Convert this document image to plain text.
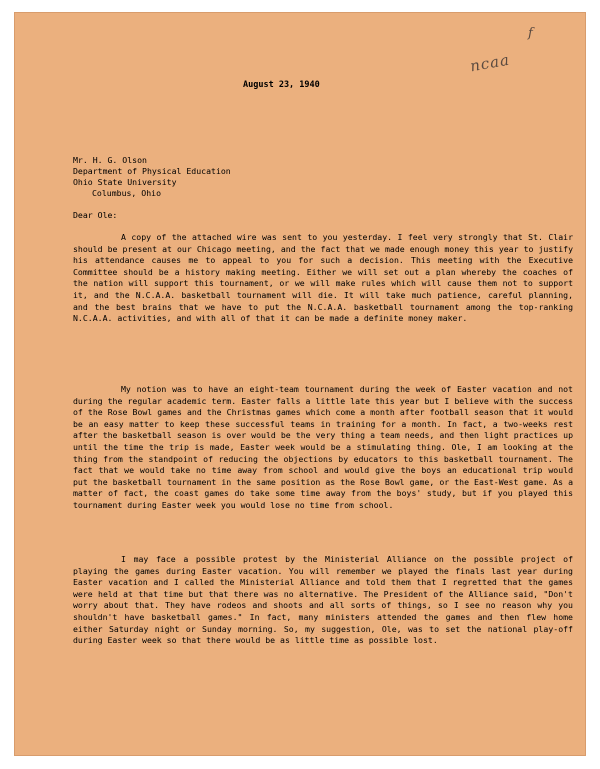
f
ncaa
August 23, 1940
Mr. H. G. Olson
Department of Physical Education
Ohio State University
Columbus, Ohio
Dear Ole:
A copy of the attached wire was sent to you yesterday. I feel very strongly that St. Clair should be present at our Chicago meeting, and the fact that we made enough money this year to justify his attendance causes me to appeal to you for such a decision. This meeting with the Executive Committee should be a history making meeting. Either we will set out a plan whereby the coaches of the nation will support this tournament, or we will make rules which will cause them not to support it, and the N.C.A.A. basketball tournament will die. It will take much patience, careful planning, and the best brains that we have to put the N.C.A.A. basketball tournament among the top-ranking N.C.A.A. activities, and with all of that it can be made a definite money maker.
My notion was to have an eight-team tournament during the week of Easter vacation and not during the regular academic term. Easter falls a little late this year but I believe with the success of the Rose Bowl games and the Christmas games which come a month after football season that it would be an easy matter to keep these successful teams in training for a month. In fact, a two-weeks rest after the basketball season is over would be the very thing a team needs, and then light practices up until the time the trip is made, Easter week would be a stimulating thing. Ole, I am looking at the thing from the standpoint of reducing the objections by educators to this basketball tournament. The fact that we would take no time away from school and would give the boys an educational trip would put the basketball tournament in the same position as the Rose Bowl game, or the East-West game. As a matter of fact, the coast games do take some time away from the boys' study, but if you played this tournament during Easter week you would lose no time from school.
I may face a possible protest by the Ministerial Alliance on the possible project of playing the games during Easter vacation. You will remember we played the finals last year during Easter vacation and I called the Ministerial Alliance and told them that I regretted that the games were held at that time but that there was no alternative. The President of the Alliance said, "Don't worry about that. They have rodeos and shoots and all sorts of things, so I see no reason why you shouldn't have basketball games." In fact, many ministers attended the games and then flew home either Saturday night or Sunday morning. So, my suggestion, Ole, was to set the national play-off during Easter week so that there would be as little time as possible lost.
